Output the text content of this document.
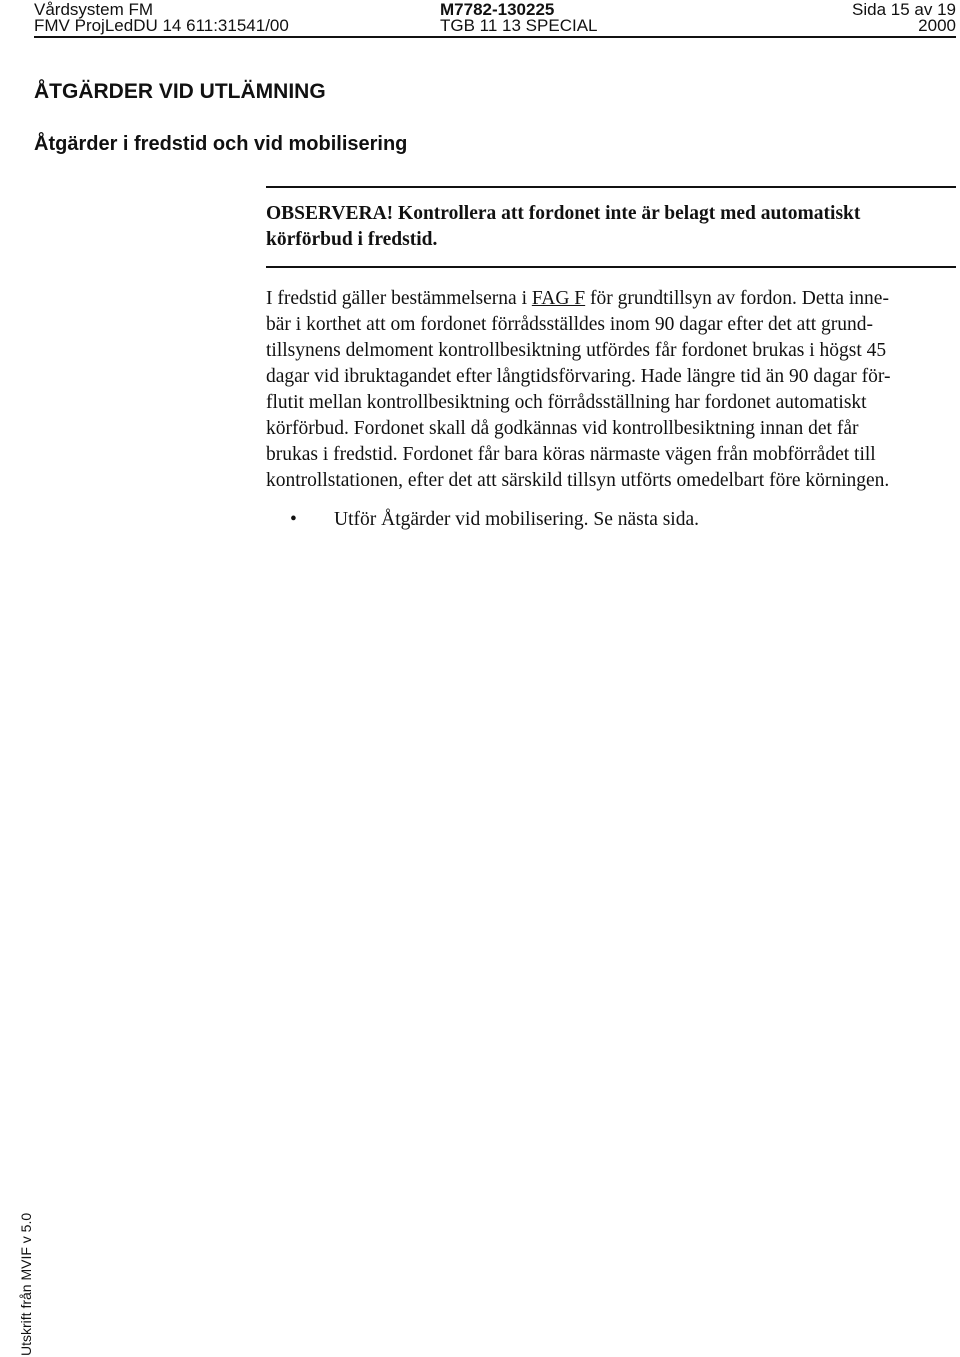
Vårdsystem FM	M7782-130225	Sida 15 av 19
FMV ProjLedDU 14 611:31541/00	TGB 11 13 SPECIAL	2000
ÅTGÄRDER VID UTLÄMNING
Åtgärder i fredstid och vid mobilisering
OBSERVERA! Kontrollera att fordonet inte är belagt med automatiskt
körförbud i fredstid.
I fredstid gäller bestämmelserna i FAG F för grundtillsyn av fordon. Detta inne-
bär i korthet att om fordonet förrådsställdes inom 90 dagar efter det att grund-
tillsynens delmoment kontrollbesiktning utfördes får fordonet brukas i högst 45
dagar vid ibruktagandet efter långtidsförvaring. Hade längre tid än 90 dagar för-
flutit mellan kontrollbesiktning och förrådsställning har fordonet automatiskt
körförbud. Fordonet skall då godkännas vid kontrollbesiktning innan det får
brukas i fredstid. Fordonet får bara köras närmaste vägen från mobförrådet till
kontrollstationen, efter det att särskild tillsyn utförts omedelbart före körningen.
• Utför Åtgärder vid mobilisering. Se nästa sida.
Utskrift från MVIF v 5.0
